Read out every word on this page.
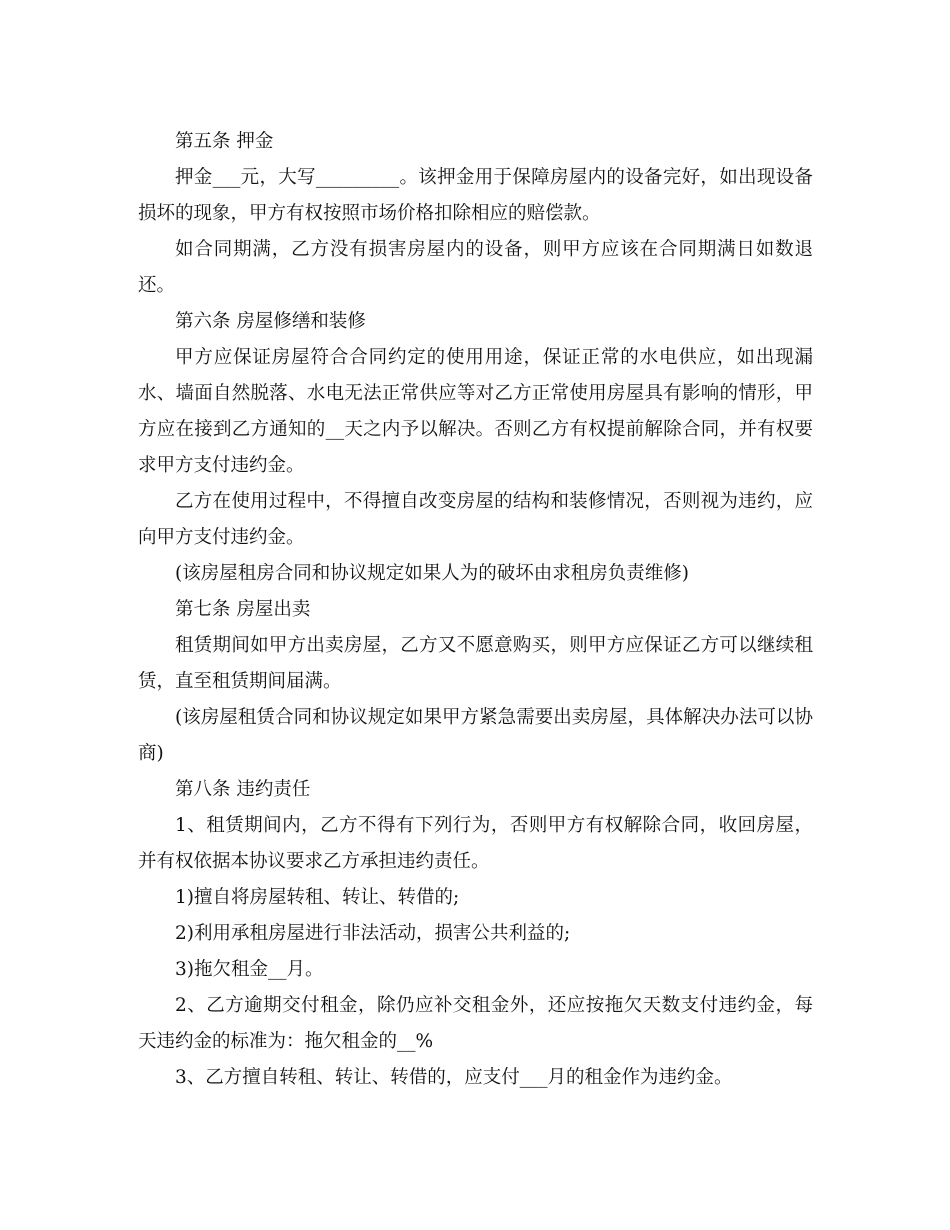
第五条 押金

押金___元，大写_________。该押金用于保障房屋内的设备完好，如出现设备损坏的现象，甲方有权按照市场价格扣除相应的赔偿款。

如合同期满，乙方没有损害房屋内的设备，则甲方应该在合同期满日如数退还。

第六条 房屋修缮和装修

甲方应保证房屋符合合同约定的使用用途，保证正常的水电供应，如出现漏水、墙面自然脱落、水电无法正常供应等对乙方正常使用房屋具有影响的情形，甲方应在接到乙方通知的__天之内予以解决。否则乙方有权提前解除合同，并有权要求甲方支付违约金。

乙方在使用过程中，不得擅自改变房屋的结构和装修情况，否则视为违约，应向甲方支付违约金。

(该房屋租房合同和协议规定如果人为的破坏由求租房负责维修)

第七条 房屋出卖

租赁期间如甲方出卖房屋，乙方又不愿意购买，则甲方应保证乙方可以继续租赁，直至租赁期间届满。

(该房屋租赁合同和协议规定如果甲方紧急需要出卖房屋，具体解决办法可以协商)

第八条 违约责任

1、租赁期间内，乙方不得有下列行为，否则甲方有权解除合同，收回房屋，并有权依据本协议要求乙方承担违约责任。

1)擅自将房屋转租、转让、转借的;

2)利用承租房屋进行非法活动，损害公共利益的;

3)拖欠租金__月。

2、乙方逾期交付租金，除仍应补交租金外，还应按拖欠天数支付违约金，每天违约金的标准为：拖欠租金的__%

3、乙方擅自转租、转让、转借的，应支付___月的租金作为违约金。
